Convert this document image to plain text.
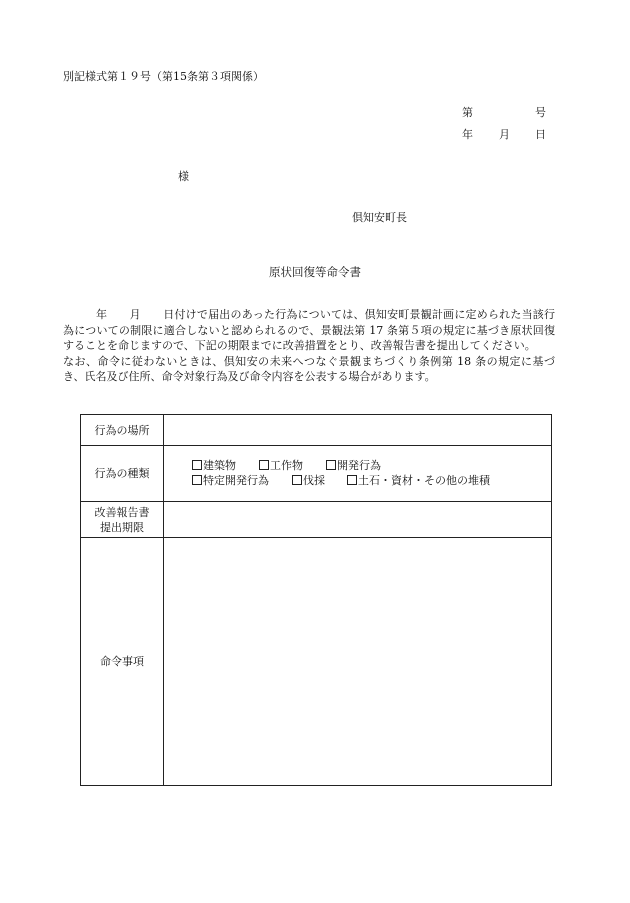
別記様式第１９号（第15条第３項関係）
第	号
年 月 日
様
倶知安町長
原状回復等命令書

年　　月　　日付けで届出のあった行為については、倶知安町景観計画に定められた当該行為についての制限に適合しないと認められるので、景観法第 17 条第５項の規定に基づき原状回復することを命じますので、下記の期限までに改善措置をとり、改善報告書を提出してください。

なお、命令に従わないときは、倶知安の未来へつなぐ景観まちづくり条例第 18 条の規定に基づき、氏名及び住所、命令対象行為及び命令内容を公表する場合があります。

行為の場所	
行為の種類	建築物 工作物 開発行為
特定開発行為 伐採 土石・資材・その他の堆積

改善報告書
提出期限	

命令事項	
